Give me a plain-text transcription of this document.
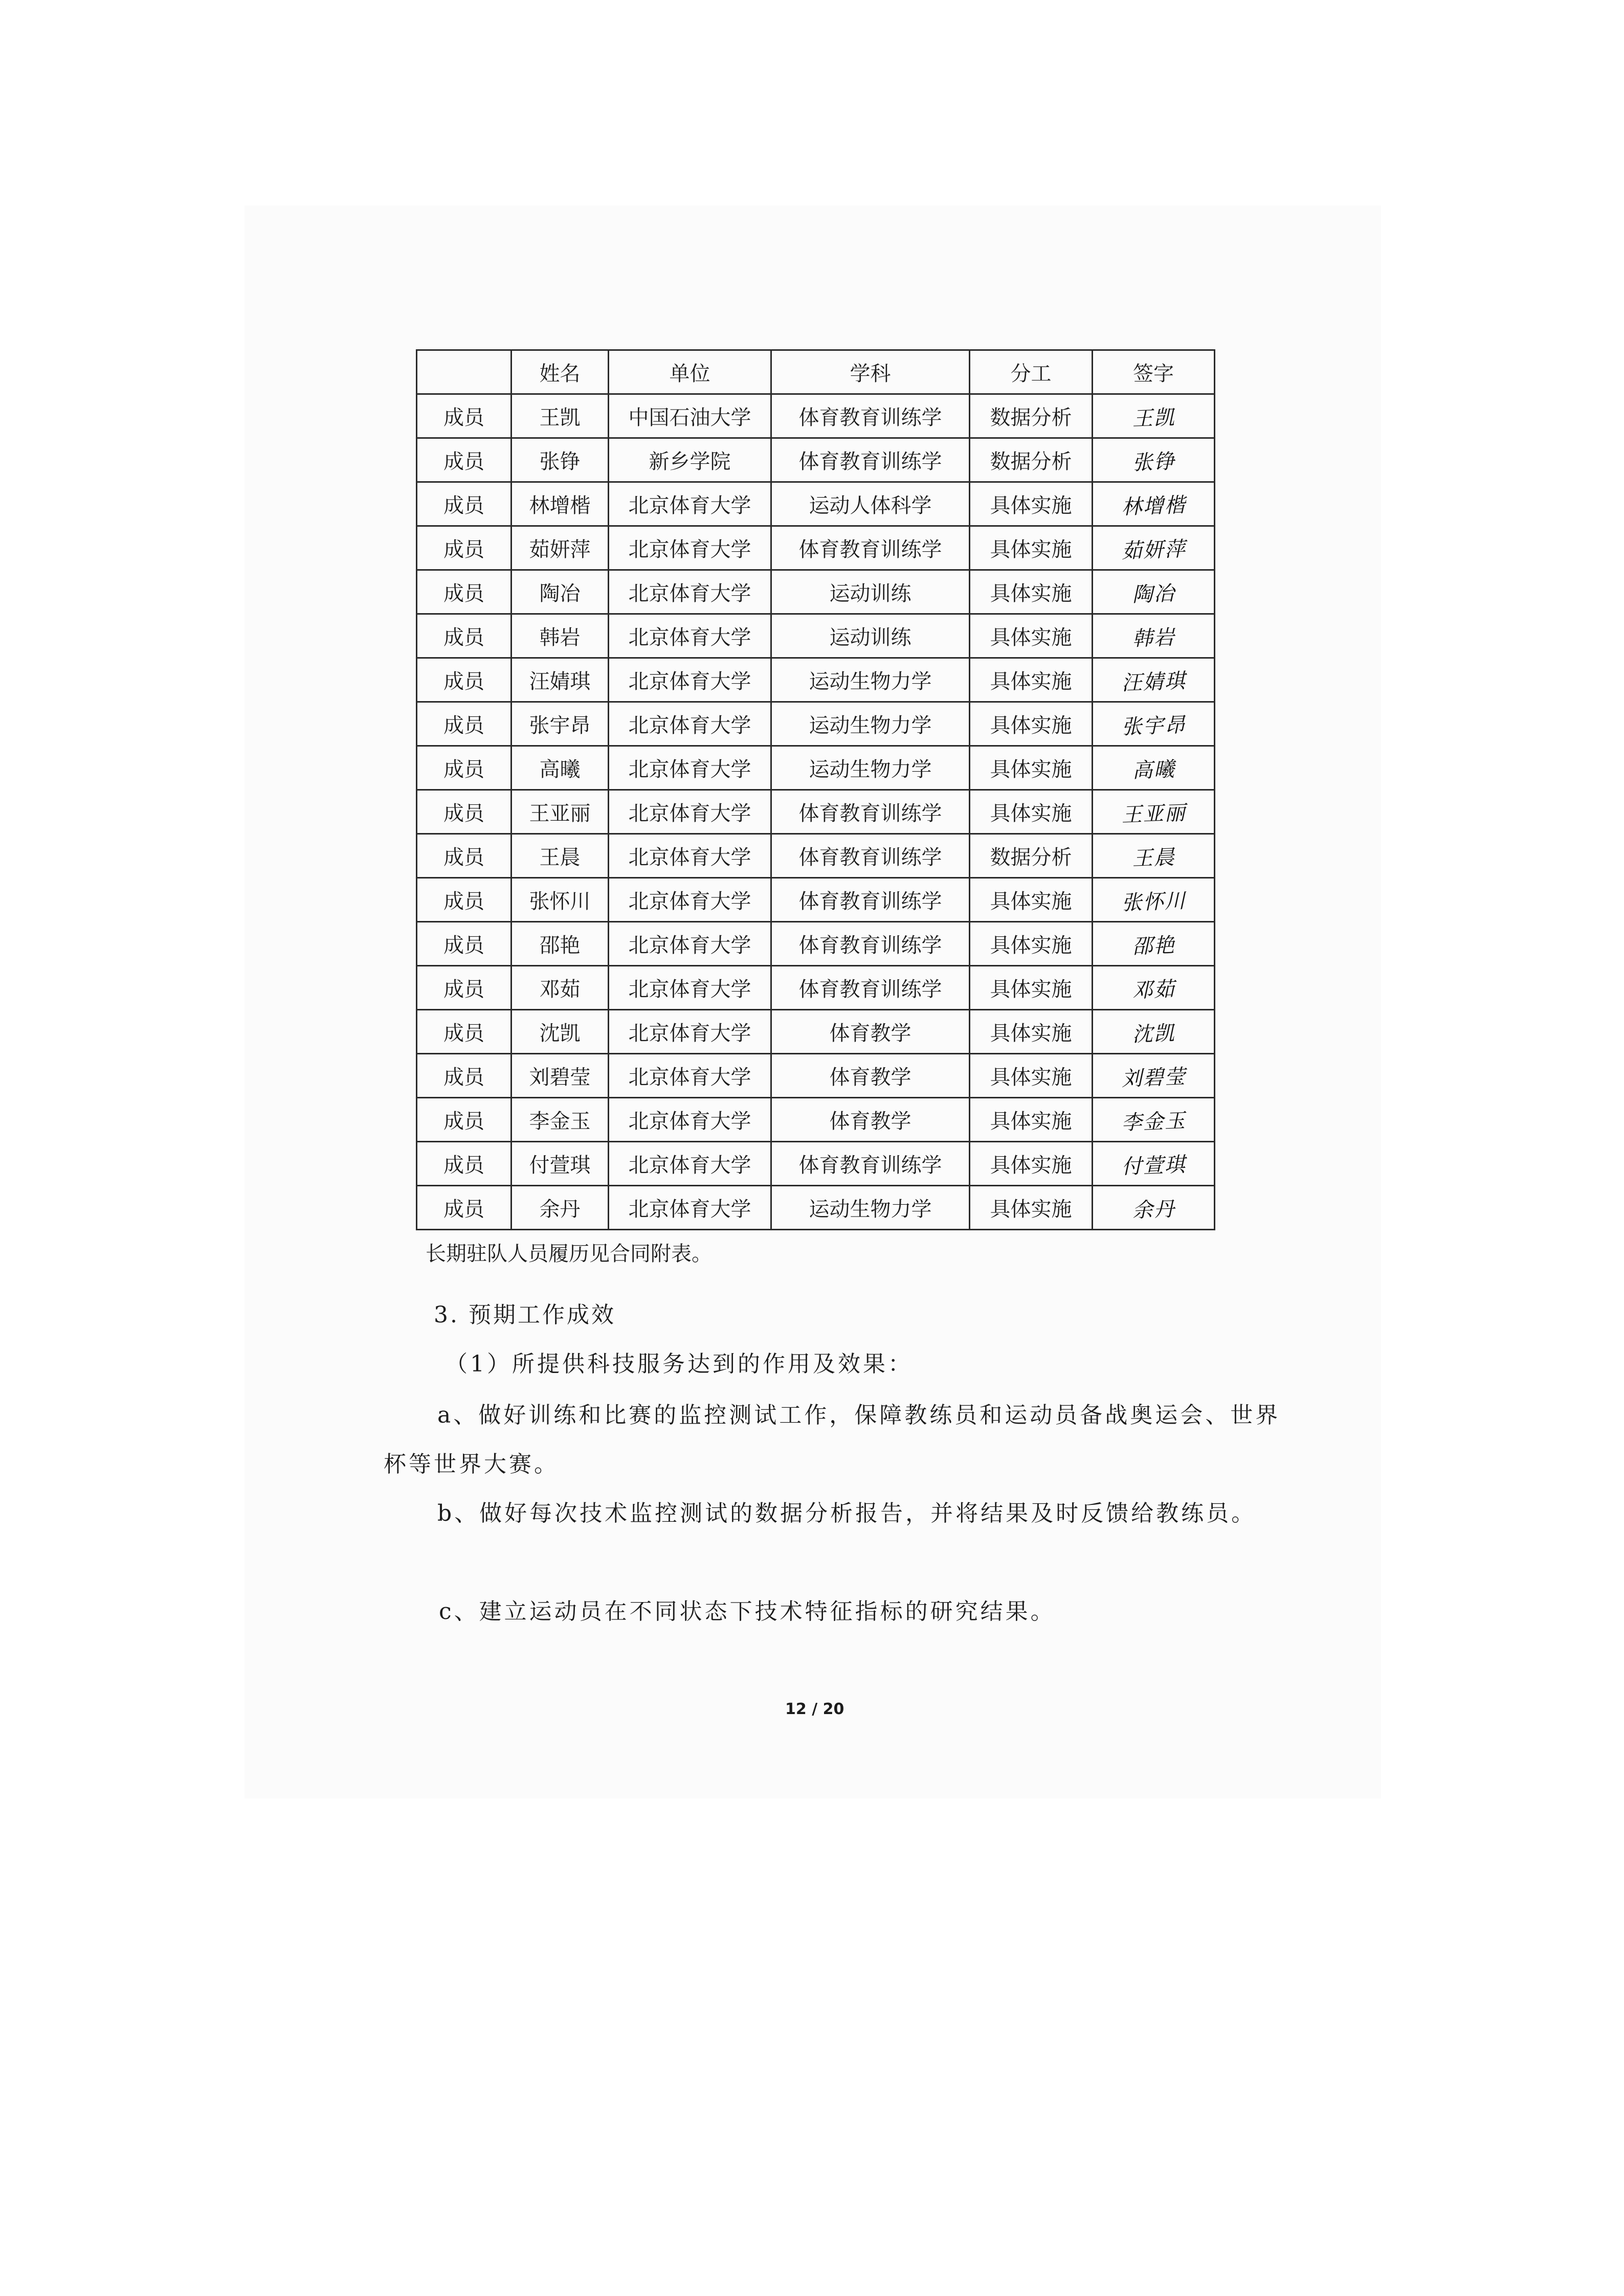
	姓名	单位	学科	分工	签字
成员	王凯	中国石油大学	体育教育训练学	数据分析	王凯
成员	张铮	新乡学院	体育教育训练学	数据分析	张铮
成员	林增楷	北京体育大学	运动人体科学	具体实施	林增楷
成员	茹妍萍	北京体育大学	体育教育训练学	具体实施	茹妍萍
成员	陶冶	北京体育大学	运动训练	具体实施	陶冶
成员	韩岩	北京体育大学	运动训练	具体实施	韩岩
成员	汪婧琪	北京体育大学	运动生物力学	具体实施	汪婧琪
成员	张宇昂	北京体育大学	运动生物力学	具体实施	张宇昂
成员	高曦	北京体育大学	运动生物力学	具体实施	高曦
成员	王亚丽	北京体育大学	体育教育训练学	具体实施	王亚丽
成员	王晨	北京体育大学	体育教育训练学	数据分析	王晨
成员	张怀川	北京体育大学	体育教育训练学	具体实施	张怀川
成员	邵艳	北京体育大学	体育教育训练学	具体实施	邵艳
成员	邓茹	北京体育大学	体育教育训练学	具体实施	邓茹
成员	沈凯	北京体育大学	体育教学	具体实施	沈凯
成员	刘碧莹	北京体育大学	体育教学	具体实施	刘碧莹
成员	李金玉	北京体育大学	体育教学	具体实施	李金玉
成员	付萱琪	北京体育大学	体育教育训练学	具体实施	付萱琪
成员	余丹	北京体育大学	运动生物力学	具体实施	余丹
长期驻队人员履历见合同附表。
3. 预期工作成效
（1）所提供科技服务达到的作用及效果：
a、做好训练和比赛的监控测试工作，保障教练员和运动员备战奥运会、世界杯等世界大赛。
b、做好每次技术监控测试的数据分析报告，并将结果及时反馈给教练员。
c、建立运动员在不同状态下技术特征指标的研究结果。
12 / 20
